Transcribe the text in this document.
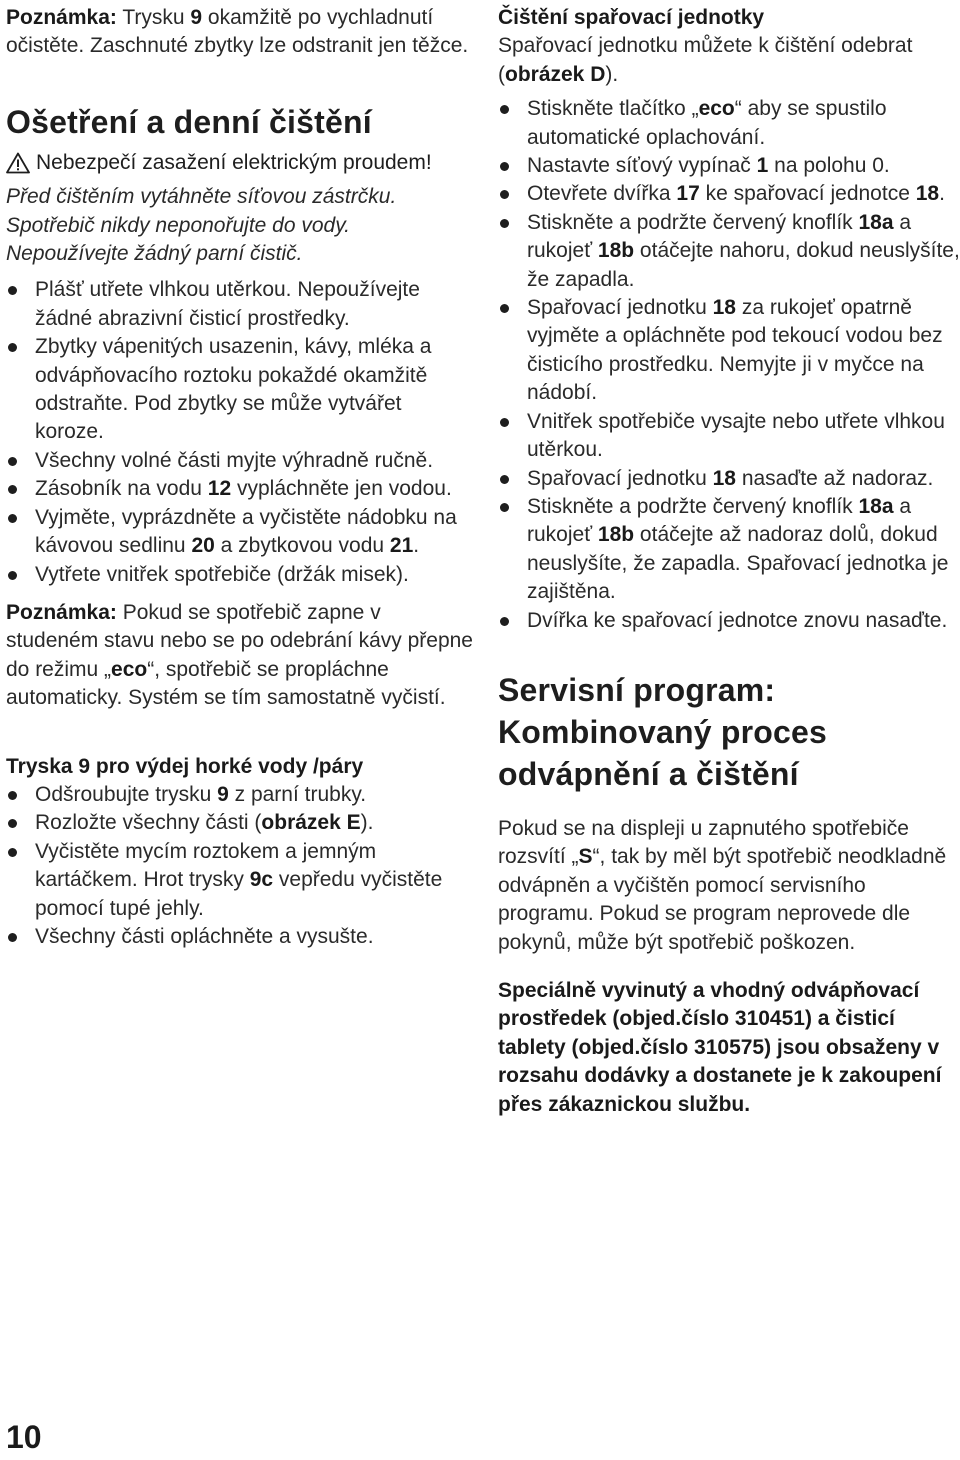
Poznámka: Trysku 9 okamžitě po vychladnutí očistěte. Zaschnuté zbytky lze odstranit jen těžce.

Ošetření a denní čištění

Nebezpečí zasažení elektrickým proudem!

Před čištěním vytáhněte síťovou zástrčku.

Spotřebič nikdy neponořujte do vody.

Nepoužívejte žádný parní čistič.

Plášť utřete vlhkou utěrkou. Nepoužívejte žádné abrazivní čisticí prostředky.
Zbytky vápenitých usazenin, kávy, mléka a odvápňovacího roztoku pokaždé okamžitě odstraňte. Pod zbytky se může vytvářet koroze.
Všechny volné části myjte výhradně ručně.
Zásobník na vodu 12 vypláchněte jen vodou.
Vyjměte, vyprázdněte a vyčistěte nádobku na kávovou sedlinu 20 a zbytkovou vodu 21.
Vytřete vnitřek spotřebiče (držák misek).

Poznámka: Pokud se spotřebič zapne v studeném stavu nebo se po odebrání kávy přepne do režimu „eco“, spotřebič se propláchne automaticky. Systém se tím samostatně vyčistí.

Tryska 9 pro výdej horké vody /páry

Odšroubujte trysku 9 z parní trubky.
Rozložte všechny části (obrázek E).
Vyčistěte mycím roztokem a jemným kartáčkem. Hrot trysky 9c vepředu vyčistěte pomocí tupé jehly.
Všechny části opláchněte a vysušte.

Čištění spařovací jednotky

Spařovací jednotku můžete k čištění odebrat (obrázek D).

Stiskněte tlačítko „eco“ aby se spustilo automatické oplachování.
Nastavte síťový vypínač 1 na polohu 0.
Otevřete dvířka 17 ke spařovací jednotce 18.
Stiskněte a podržte červený knoflík 18a a rukojeť 18b otáčejte nahoru, dokud neuslyšíte, že zapadla.
Spařovací jednotku 18 za rukojeť opatrně vyjměte a opláchněte pod tekoucí vodou bez čisticího prostředku. Nemyjte ji v myčce na nádobí.
Vnitřek spotřebiče vysajte nebo utřete vlhkou utěrkou.
Spařovací jednotku 18 nasaďte až nadoraz.
Stiskněte a podržte červený knoflík 18a a rukojeť 18b otáčejte až nadoraz dolů, dokud neuslyšíte, že zapadla. Spařovací jednotka je zajištěna.
Dvířka ke spařovací jednotce znovu nasaďte.

Servisní program: Kombinovaný proces odvápnění a čištění

Pokud se na displeji u zapnutého spotřebiče rozsvítí „S“, tak by měl být spotřebič neodkladně odvápněn a vyčištěn pomocí servisního programu. Pokud se program neprovede dle pokynů, může být spotřebič poškozen.

Speciálně vyvinutý a vhodný odvápňovací prostředek (objed.číslo 310451) a čisticí tablety (objed.číslo 310575) jsou obsaženy v rozsahu dodávky a dostanete je k zakoupení přes zákaznickou službu.

10
